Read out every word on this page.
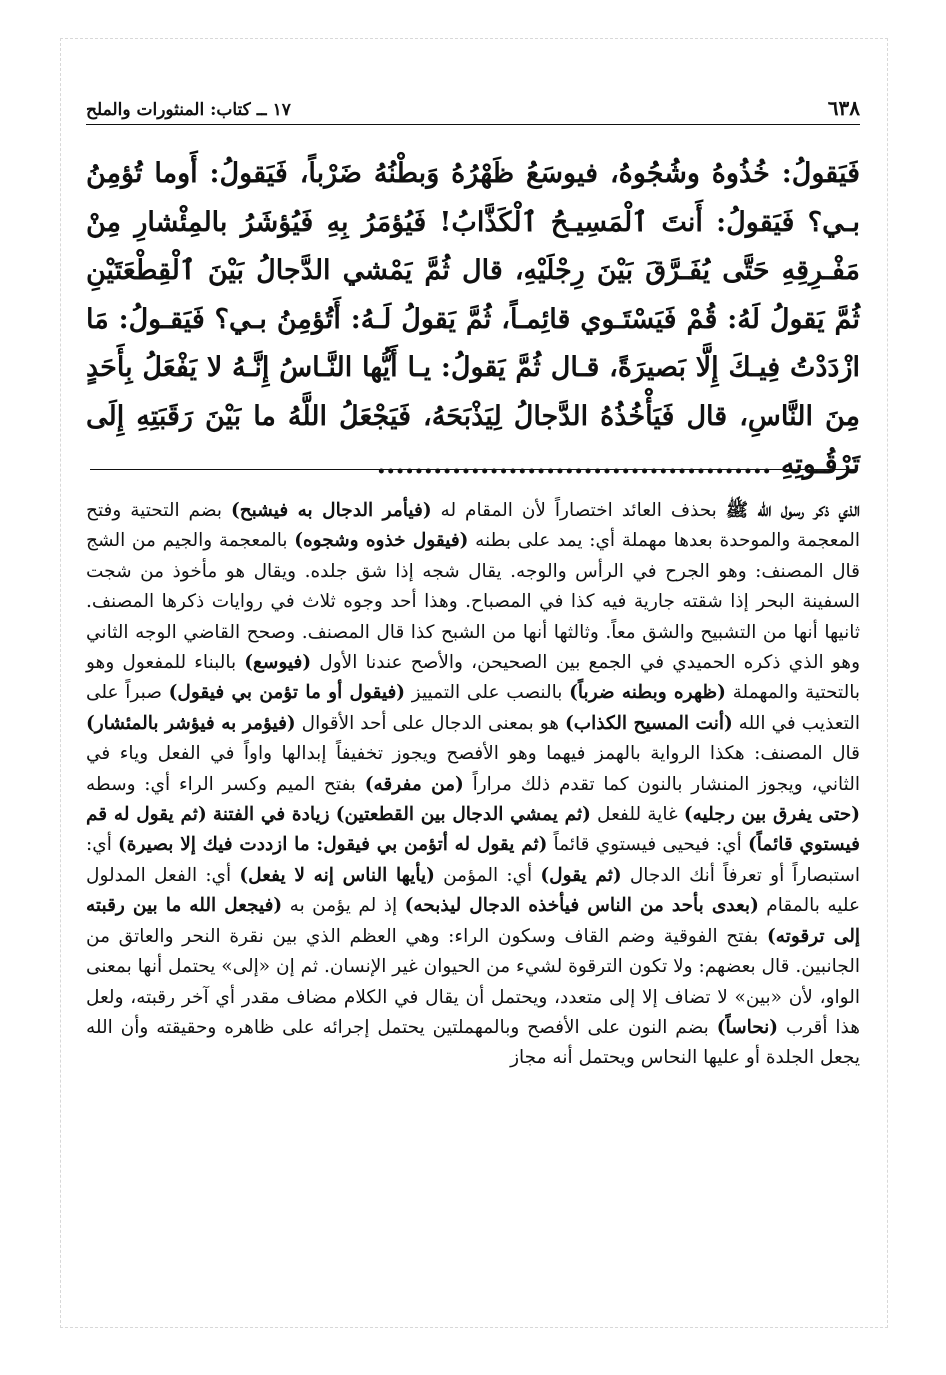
٦٣٨
١٧ ــ كتاب: المنثورات والملح

فَيَقولُ: خُذُوهُ وشُجُوهُ، فيوسَعُ ظَهْرُهُ وَبطْنُهُ ضَرْباً، فَيَقولُ: أَوما تُؤمِنُ بـي؟ فَيَقولُ: أَنتَ ٱلْمَسِيـحُ ٱلْكَذَّابُ! فَيُؤمَرُ بِهِ فَيُؤشَرُ بالمِئْشارِ مِنْ مَفْـرِقِهِ حَتَّى يُفَـرَّقَ بَيْنَ رِجْلَيْهِ، قال ثُمَّ يَمْشي الدَّجالُ بَيْنَ ٱلْقِطْعَتَيْنِ ثُمَّ يَقولُ لَهُ: قُمْ فَيَسْتَـوي قائِمـاً، ثُمَّ يَقولُ لَـهُ: أَتُؤمِنُ بـي؟ فَيَقـولُ: مَا ازْدَدْتُ فِيـكَ إِلَّا بَصيرَةً، قـال ثُمَّ يَقولُ: يـا أَيُّها النَّـاسُ إِنَّـهُ لا يَفْعَلُ بِأَحَدٍ مِنَ النَّاسِ، قال فَيَأْخُذُهُ الدَّجالُ لِيَذْبَحَهُ، فَيَجْعَلُ اللَّهُ ما بَيْنَ رَقَبَتِهِ إِلَى تَرْقُـوتِهِ ..........................................

الذي ذكر رسول الله ﷺ بحذف العائد اختصاراً لأن المقام له (فيأمر الدجال به فيشبح) بضم التحتية وفتح المعجمة والموحدة بعدها مهملة أي: يمد على بطنه (فيقول خذوه وشجوه) بالمعجمة والجيم من الشج قال المصنف: وهو الجرح في الرأس والوجه. يقال شجه إذا شق جلده. ويقال هو مأخوذ من شجت السفينة البحر إذا شقته جارية فيه كذا في المصباح. وهذا أحد وجوه ثلاث في روايات ذكرها المصنف. ثانيها أنها من التشبيح والشق معاً. وثالثها أنها من الشبح كذا قال المصنف. وصحح القاضي الوجه الثاني وهو الذي ذكره الحميدي في الجمع بين الصحيحن، والأصح عندنا الأول (فيوسع) بالبناء للمفعول وهو بالتحتية والمهملة (ظهره وبطنه ضرباً) بالنصب على التمييز (فيقول أو ما تؤمن بي فيقول) صبراً على التعذيب في الله (أنت المسيح الكذاب) هو بمعنى الدجال على أحد الأقوال (فيؤمر به فيؤشر بالمئشار) قال المصنف: هكذا الرواية بالهمز فيهما وهو الأفصح ويجوز تخفيفاً إبدالها واواً في الفعل وياء في الثاني، ويجوز المنشار بالنون كما تقدم ذلك مراراً (من مفرقه) بفتح الميم وكسر الراء أي: وسطه (حتى يفرق بين رجليه) غاية للفعل (ثم يمشي الدجال بين القطعتين) زيادة في الفتنة (ثم يقول له قم فيستوي قائماً) أي: فيحيى فيستوي قائماً (ثم يقول له أتؤمن بي فيقول: ما ازددت فيك إلا بصيرة) أي: استبصاراً أو تعرفاً أنك الدجال (ثم يقول) أي: المؤمن (يأيها الناس إنه لا يفعل) أي: الفعل المدلول عليه بالمقام (بعدى بأحد من الناس فيأخذه الدجال ليذبحه) إذ لم يؤمن به (فيجعل الله ما بين رقبته إلى ترقوته) بفتح الفوقية وضم القاف وسكون الراء: وهي العظم الذي بين نقرة النحر والعاتق من الجانبين. قال بعضهم: ولا تكون الترقوة لشيء من الحيوان غير الإنسان. ثم إن «إلى» يحتمل أنها بمعنى الواو، لأن «بين» لا تضاف إلا إلى متعدد، ويحتمل أن يقال في الكلام مضاف مقدر أي آخر رقبته، ولعل هذا أقرب (نحاساً) بضم النون على الأفصح وبالمهملتين يحتمل إجرائه على ظاهره وحقيقته وأن الله يجعل الجلدة أو عليها النحاس ويحتمل أنه مجاز
